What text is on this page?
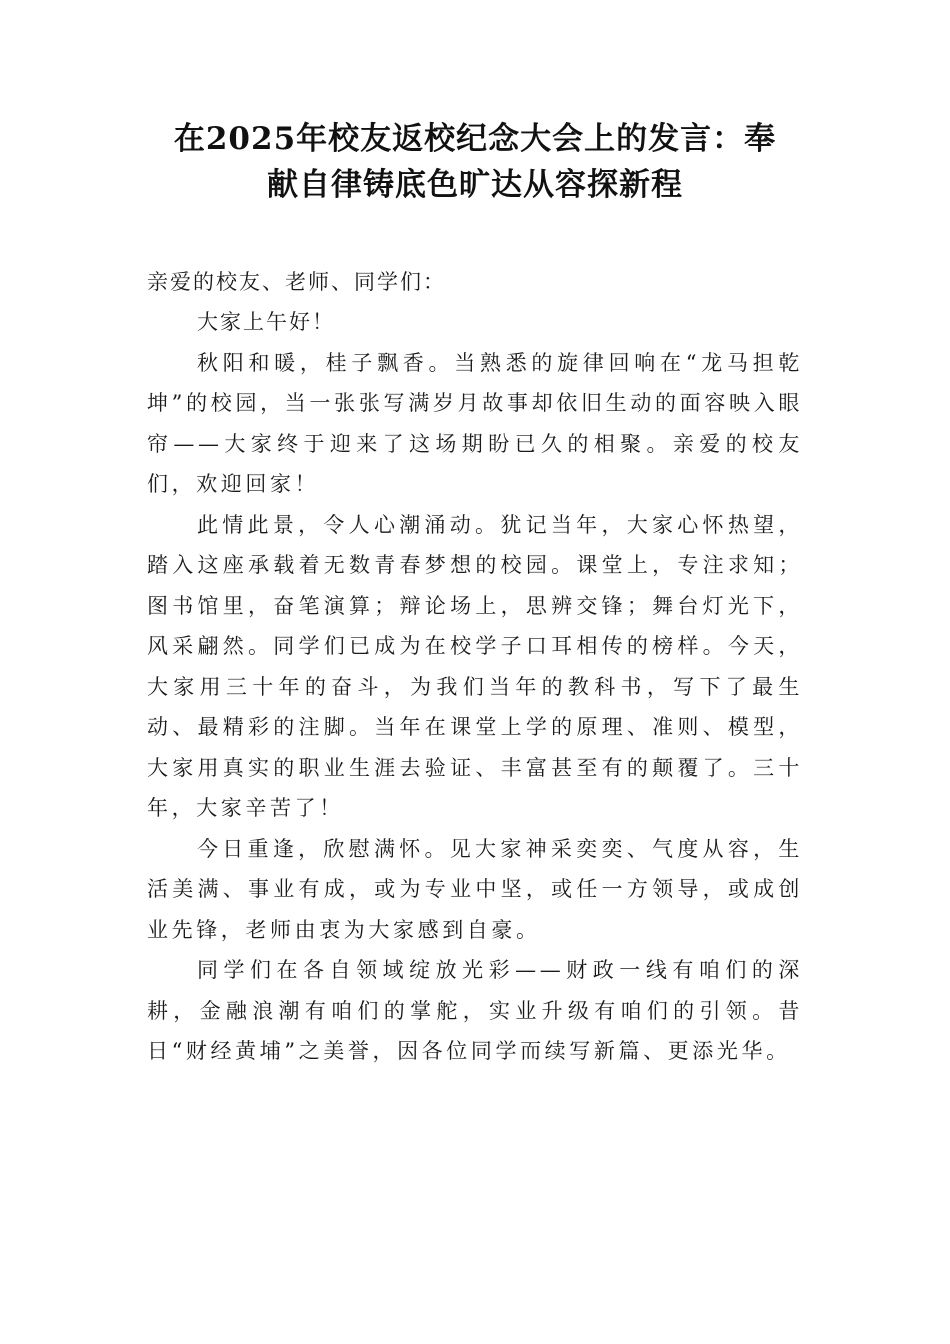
在2025年校友返校纪念大会上的发言：奉
献自律铸底色旷达从容探新程

亲爱的校友、老师、同学们：

大家上午好！

秋阳和暖，桂子飘香。当熟悉的旋律回响在“龙马担乾坤”的校园，当一张张写满岁月故事却依旧生动的面容映入眼帘——大家终于迎来了这场期盼已久的相聚。亲爱的校友们，欢迎回家！

此情此景，令人心潮涌动。犹记当年，大家心怀热望，踏入这座承载着无数青春梦想的校园。课堂上，专注求知；图书馆里，奋笔演算；辩论场上，思辨交锋；舞台灯光下，风采翩然。同学们已成为在校学子口耳相传的榜样。今天，大家用三十年的奋斗，为我们当年的教科书，写下了最生动、最精彩的注脚。当年在课堂上学的原理、准则、模型，大家用真实的职业生涯去验证、丰富甚至有的颠覆了。三十年，大家辛苦了！

今日重逢，欣慰满怀。见大家神采奕奕、气度从容，生活美满、事业有成，或为专业中坚，或任一方领导，或成创业先锋，老师由衷为大家感到自豪。

同学们在各自领域绽放光彩——财政一线有咱们的深耕，金融浪潮有咱们的掌舵，实业升级有咱们的引领。昔日“财经黄埔”之美誉，因各位同学而续写新篇、更添光华。
